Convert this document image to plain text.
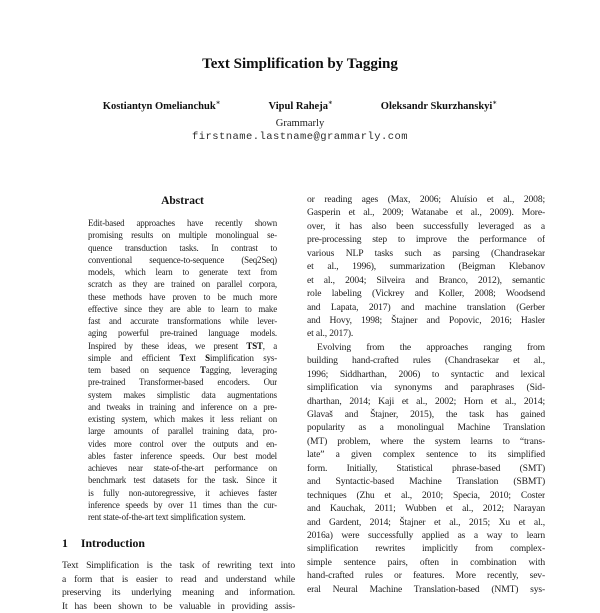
Text Simplification by Tagging
Kostiantyn Omelianchuk∗	Vipul Raheja∗	Oleksandr Skurzhanskyi∗
Grammarly
firstname.lastname@grammarly.com
Abstract
Edit-based approaches have recently shown
promising results on multiple monolingual se-
quence transduction tasks. In contrast to
conventional sequence-to-sequence (Seq2Seq)
models, which learn to generate text from
scratch as they are trained on parallel corpora,
these methods have proven to be much more
effective since they are able to learn to make
fast and accurate transformations while lever-
aging powerful pre-trained language models.
Inspired by these ideas, we present TST, a
simple and efficient Text Simplification sys-
tem based on sequence Tagging, leveraging
pre-trained Transformer-based encoders. Our
system makes simplistic data augmentations
and tweaks in training and inference on a pre-
existing system, which makes it less reliant on
large amounts of parallel training data, pro-
vides more control over the outputs and en-
ables faster inference speeds. Our best model
achieves near state-of-the-art performance on
benchmark test datasets for the task. Since it
is fully non-autoregressive, it achieves faster
inference speeds by over 11 times than the cur-
rent state-of-the-art text simplification system.
1 Introduction
Text Simplification is the task of rewriting text into
a form that is easier to read and understand while
preserving its underlying meaning and information.
It has been shown to be valuable in providing assis-
or reading ages (Max, 2006; Aluísio et al., 2008;
Gasperin et al., 2009; Watanabe et al., 2009). More-
over, it has also been successfully leveraged as a
pre-processing step to improve the performance of
various NLP tasks such as parsing (Chandrasekar
et al., 1996), summarization (Beigman Klebanov
et al., 2004; Silveira and Branco, 2012), semantic
role labeling (Vickrey and Koller, 2008; Woodsend
and Lapata, 2017) and machine translation (Gerber
and Hovy, 1998; Štajner and Popovic, 2016; Hasler
et al., 2017).
Evolving from the approaches ranging from
building hand-crafted rules (Chandrasekar et al.,
1996; Siddharthan, 2006) to syntactic and lexical
simplification via synonyms and paraphrases (Sid-
dharthan, 2014; Kaji et al., 2002; Horn et al., 2014;
Glavaš and Štajner, 2015), the task has gained
popularity as a monolingual Machine Translation
(MT) problem, where the system learns to “trans-
late” a given complex sentence to its simplified
form. Initially, Statistical phrase-based (SMT)
and Syntactic-based Machine Translation (SBMT)
techniques (Zhu et al., 2010; Specia, 2010; Coster
and Kauchak, 2011; Wubben et al., 2012; Narayan
and Gardent, 2014; Štajner et al., 2015; Xu et al.,
2016a) were successfully applied as a way to learn
simplification rewrites implicitly from complex-
simple sentence pairs, often in combination with
hand-crafted rules or features. More recently, sev-
eral Neural Machine Translation-based (NMT) sys-
